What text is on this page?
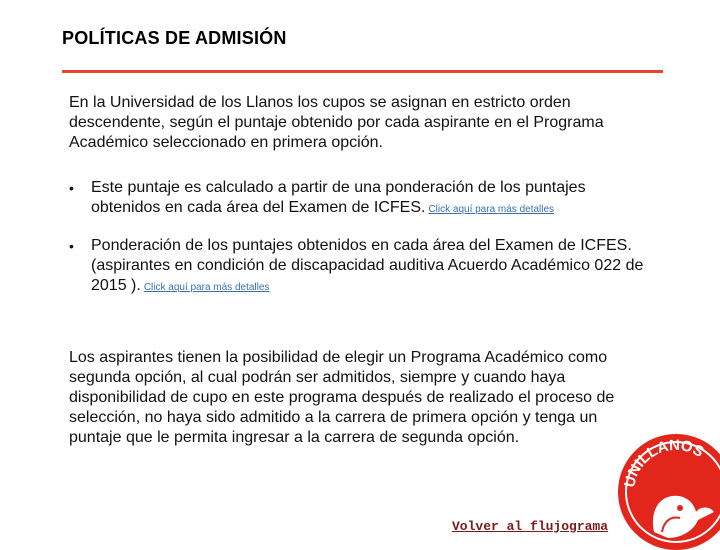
POLÍTICAS DE ADMISIÓN
En la Universidad de los Llanos los cupos se asignan en estricto orden descendente, según el puntaje obtenido por cada aspirante en el Programa Académico seleccionado en primera opción.
• Este puntaje es calculado a partir de una ponderación de los puntajes obtenidos en cada área del Examen de ICFES. Click aquí para más detalles
• Ponderación de los puntajes obtenidos en cada área del Examen de ICFES.(aspirantes en condición de discapacidad auditiva Acuerdo Académico 022 de 2015 ). Click aquí para más detalles
Los aspirantes tienen la posibilidad de elegir un Programa Académico como segunda opción, al cual podrán ser admitidos, siempre y cuando haya disponibilidad de cupo en este programa después de realizado el proceso de selección, no haya sido admitido a la carrera de primera opción y tenga un puntaje que le permita ingresar a la carrera de segunda opción.
UNILLANOS
Volver al flujograma
